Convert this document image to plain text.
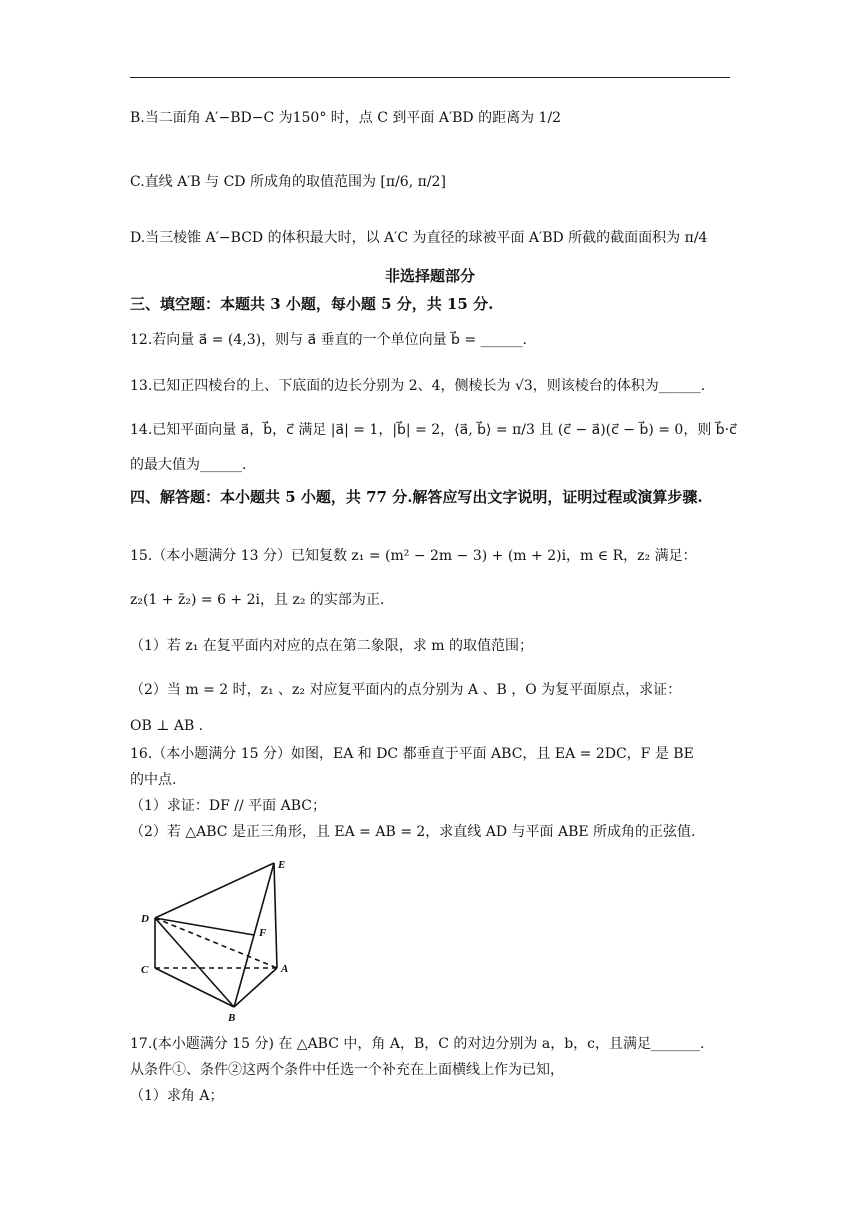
B.当二面角 A′−BD−C 为150° 时，点 C 到平面 A′BD 的距离为 1/2
C.直线 A′B 与 CD 所成角的取值范围为 [π/6, π/2]
D.当三棱锥 A′−BCD 的体积最大时，以 A′C 为直径的球被平面 A′BD 所截的截面面积为 π/4
非选择题部分
三、填空题：本题共 3 小题，每小题 5 分，共 15 分.
12.若向量 a⃗ = (4,3)，则与 a⃗ 垂直的一个单位向量 b⃗ = ______.
13.已知正四棱台的上、下底面的边长分别为 2、4，侧棱长为 √3，则该棱台的体积为______.
14.已知平面向量 a⃗，b⃗，c⃗ 满足 |a⃗| = 1，|b⃗| = 2，⟨a⃗, b⃗⟩ = π/3 且 (c⃗ − a⃗)(c⃗ − b⃗) = 0，则 b⃗·c⃗
的最大值为______.
四、解答题：本小题共 5 小题，共 77 分.解答应写出文字说明，证明过程或演算步骤.
15.（本小题满分 13 分）已知复数 z₁ = (m² − 2m − 3) + (m + 2)i，m ∈ R，z₂ 满足：
z₂(1 + z̄₂) = 6 + 2i，且 z₂ 的实部为正.
（1）若 z₁ 在复平面内对应的点在第二象限，求 m 的取值范围；
（2）当 m = 2 时，z₁ 、z₂ 对应复平面内的点分别为 A 、B ，O 为复平面原点，求证：
OB ⊥ AB .
16.（本小题满分 15 分）如图，EA 和 DC 都垂直于平面 ABC，且 EA = 2DC，F 是 BE
的中点.
（1）求证：DF // 平面 ABC；
（2）若 △ABC 是正三角形，且 EA = AB = 2，求直线 AD 与平面 ABE 所成角的正弦值.
E
D
F
C	A
B
17.(本小题满分 15 分) 在 △ABC 中，角 A，B，C 的对边分别为 a，b，c，且满足_______.
从条件①、条件②这两个条件中任选一个补充在上面横线上作为已知，
（1）求角 A；
